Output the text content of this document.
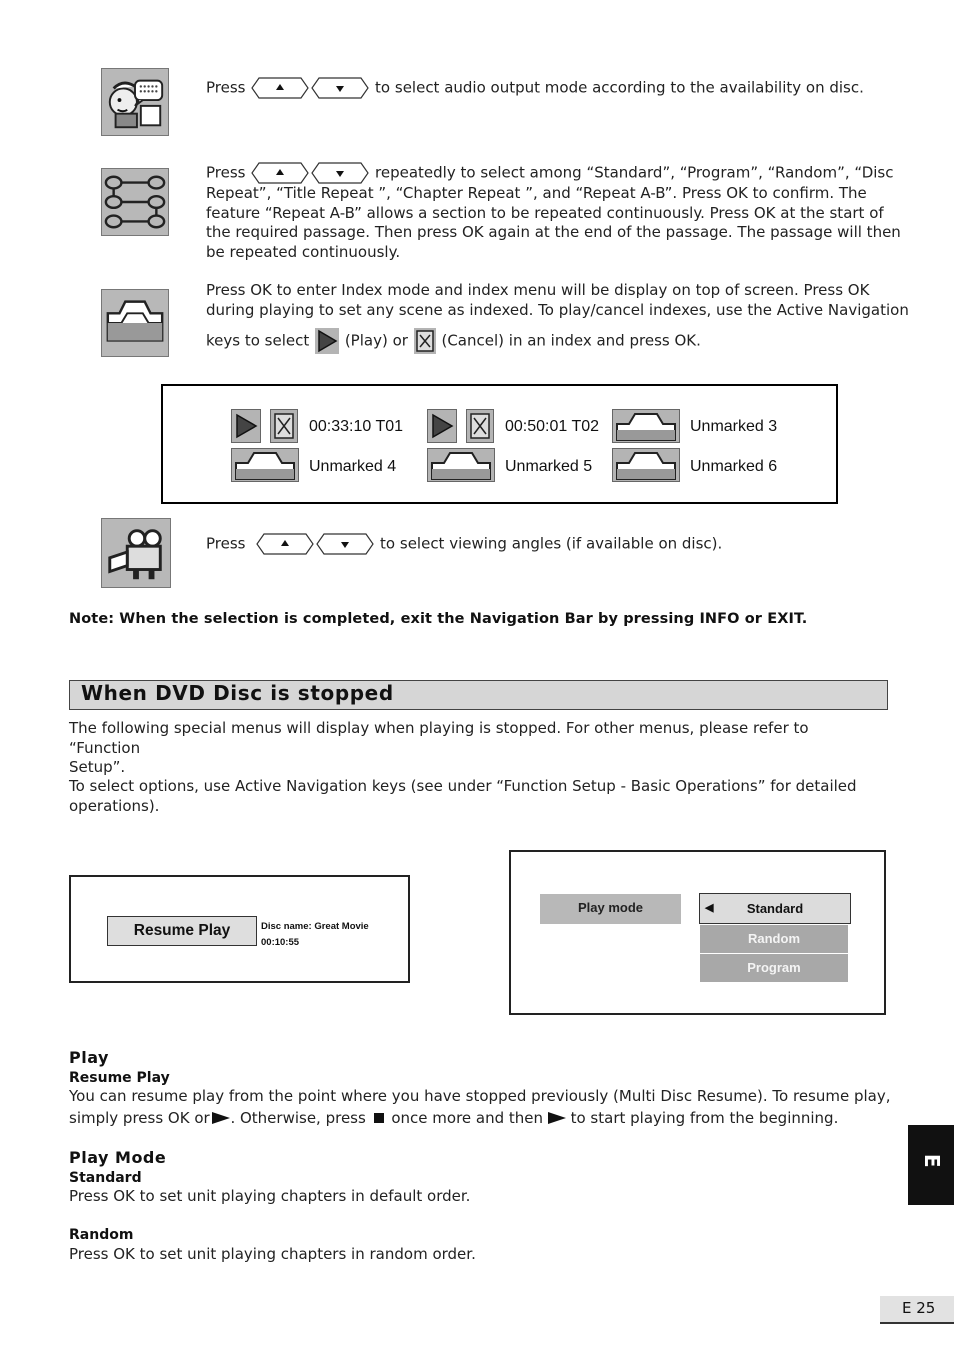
Press	to select audio output mode according to the availability on disc.
Press	repeatedly to select among “Standard”, “Program”, “Random”, “Disc
Repeat”, “Title Repeat ”, “Chapter Repeat ”, and “Repeat A-B”. Press OK to confirm. The
feature “Repeat A-B” allows a section to be repeated continuously. Press OK at the start of
the required passage. Then press OK again at the end of the passage. The passage will then
be repeated continuously.
Press OK to enter Index mode and index menu will be display on top of screen. Press OK
during playing to set any scene as indexed. To play/cancel indexes, use the Active Navigation
keys to select (Play) or (Cancel) in an index and press OK.
00:33:10 T01	00:50:01 T02	Unmarked 3
Unmarked 4	Unmarked 5	Unmarked 6
Press	to select viewing angles (if available on disc).
Note: When the selection is completed, exit the Navigation Bar by pressing INFO or EXIT.
When DVD Disc is stopped
The following special menus will display when playing is stopped. For other menus, please refer to “Function
Setup”.
To select options, use Active Navigation keys (see under “Function Setup - Basic Operations” for detailed
operations).
Resume Play	Disc name: Great Movie
00:10:55
Play mode	◀	Standard
Random
Program
Play
Resume Play
You can resume play from the point where you have stopped previously (Multi Disc Resume). To resume play,
simply press OK or . Otherwise, press once more and then to start playing from the beginning.
Play Mode
Standard
Press OK to set unit playing chapters in default order.
Random
Press OK to set unit playing chapters in random order.
E
E 25
